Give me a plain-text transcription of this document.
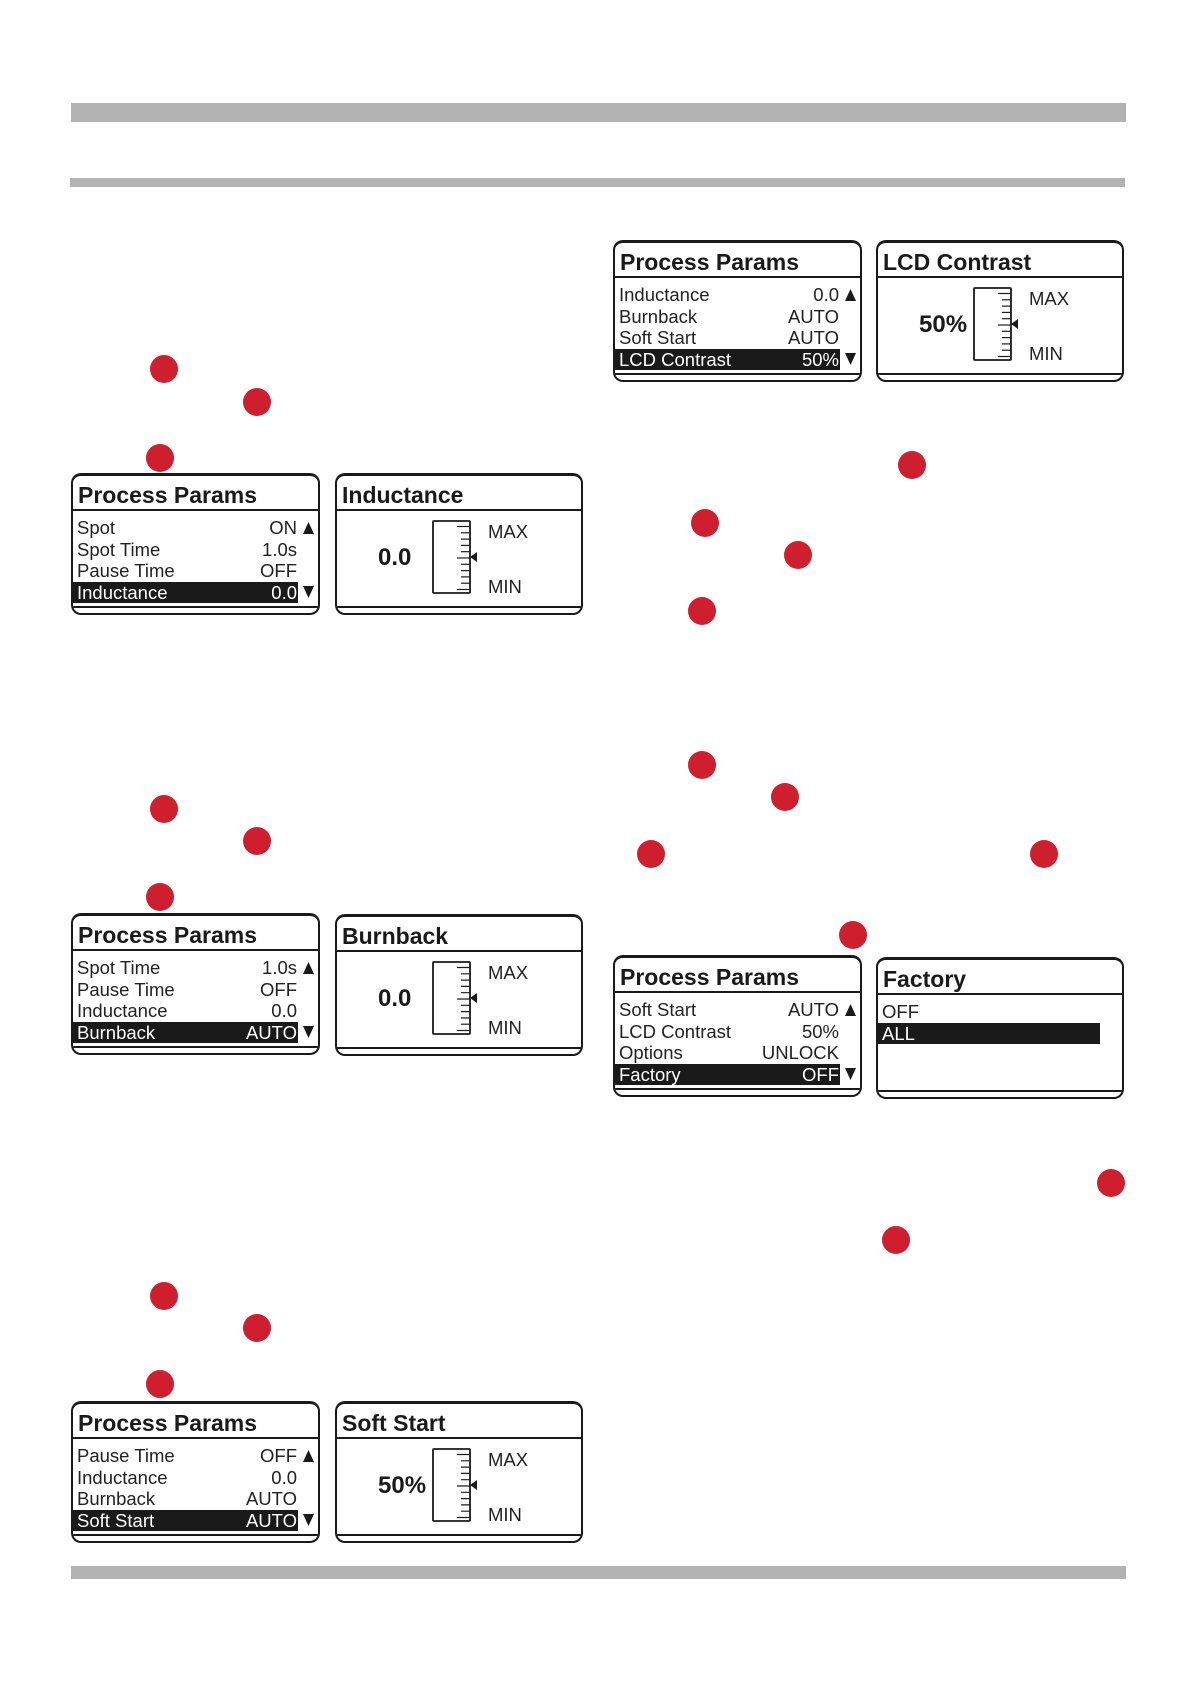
Process Params
Spot	ON
Spot Time	1.0s
Pause Time	OFF
Inductance	0.0
Inductance
0.0
MAX
MIN
Process Params
Spot Time	1.0s
Pause Time	OFF
Inductance	0.0
Burnback	AUTO
Burnback
0.0
MAX
MIN
Process Params
Pause Time	OFF
Inductance	0.0
Burnback	AUTO
Soft Start	AUTO
Soft Start
50%
MAX
MIN
Process Params
Inductance	0.0
Burnback	AUTO
Soft Start	AUTO
LCD Contrast	50%
LCD Contrast
50%
MAX
MIN
Process Params
Soft Start	AUTO
LCD Contrast	50%
Options	UNLOCK
Factory	OFF
Factory
OFF
ALL
